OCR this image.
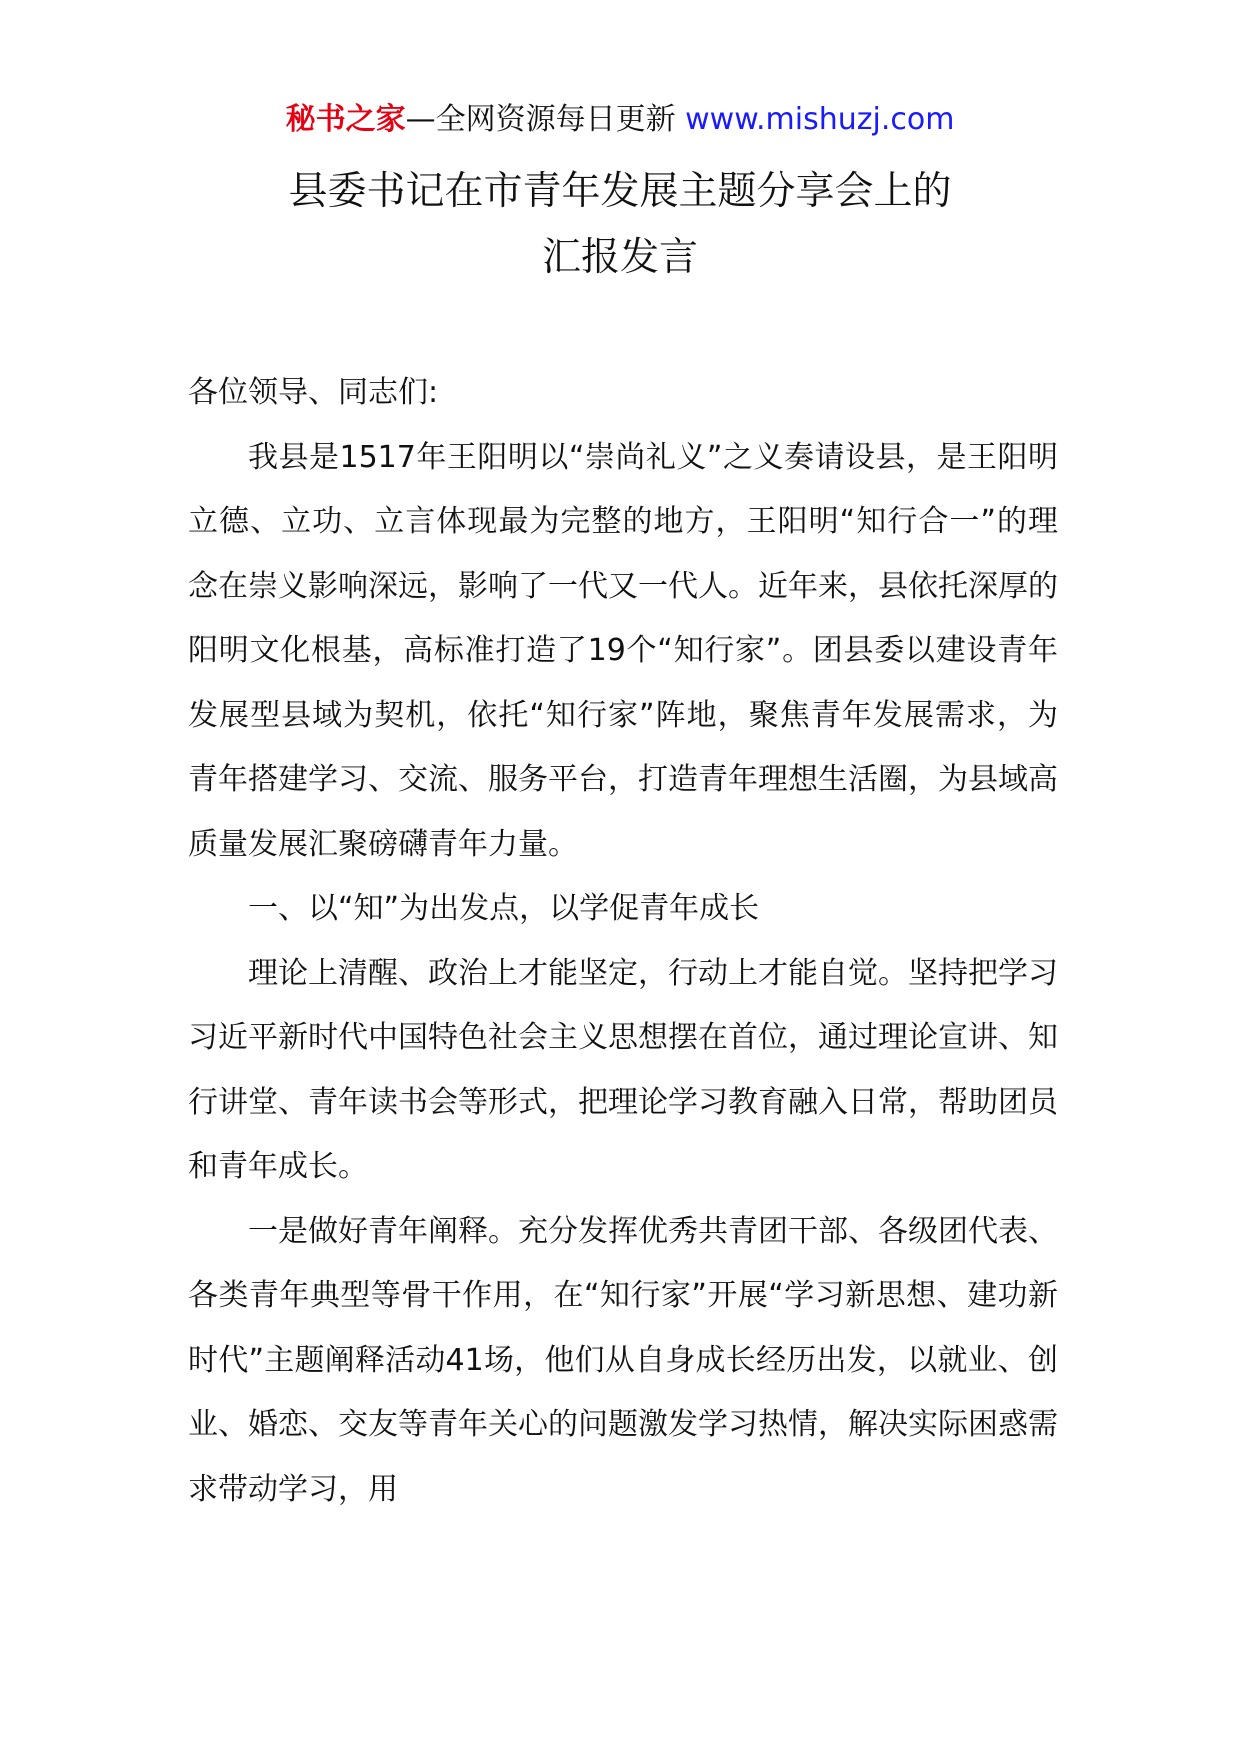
秘书之家—全网资源每日更新 www.mishuzj.com
县委书记在市青年发展主题分享会上的
汇报发言

各位领导、同志们:

我县是1517年王阳明以“崇尚礼义”之义奏请设县，是王阳明立德、立功、立言体现最为完整的地方，王阳明“知行合一”的理念在崇义影响深远，影响了一代又一代人。近年来，县依托深厚的阳明文化根基，高标准打造了19个“知行家”。团县委以建设青年发展型县域为契机，依托“知行家”阵地，聚焦青年发展需求，为青年搭建学习、交流、服务平台，打造青年理想生活圈，为县域高质量发展汇聚磅礴青年力量。

一、以“知”为出发点，以学促青年成长

理论上清醒、政治上才能坚定，行动上才能自觉。坚持把学习习近平新时代中国特色社会主义思想摆在首位，通过理论宣讲、知行讲堂、青年读书会等形式，把理论学习教育融入日常，帮助团员和青年成长。

一是做好青年阐释。充分发挥优秀共青团干部、各级团代表、各类青年典型等骨干作用，在“知行家”开展“学习新思想、建功新时代”主题阐释活动41场，他们从自身成长经历出发，以就业、创业、婚恋、交友等青年关心的问题激发学习热情，解决实际困惑需求带动学习，用
